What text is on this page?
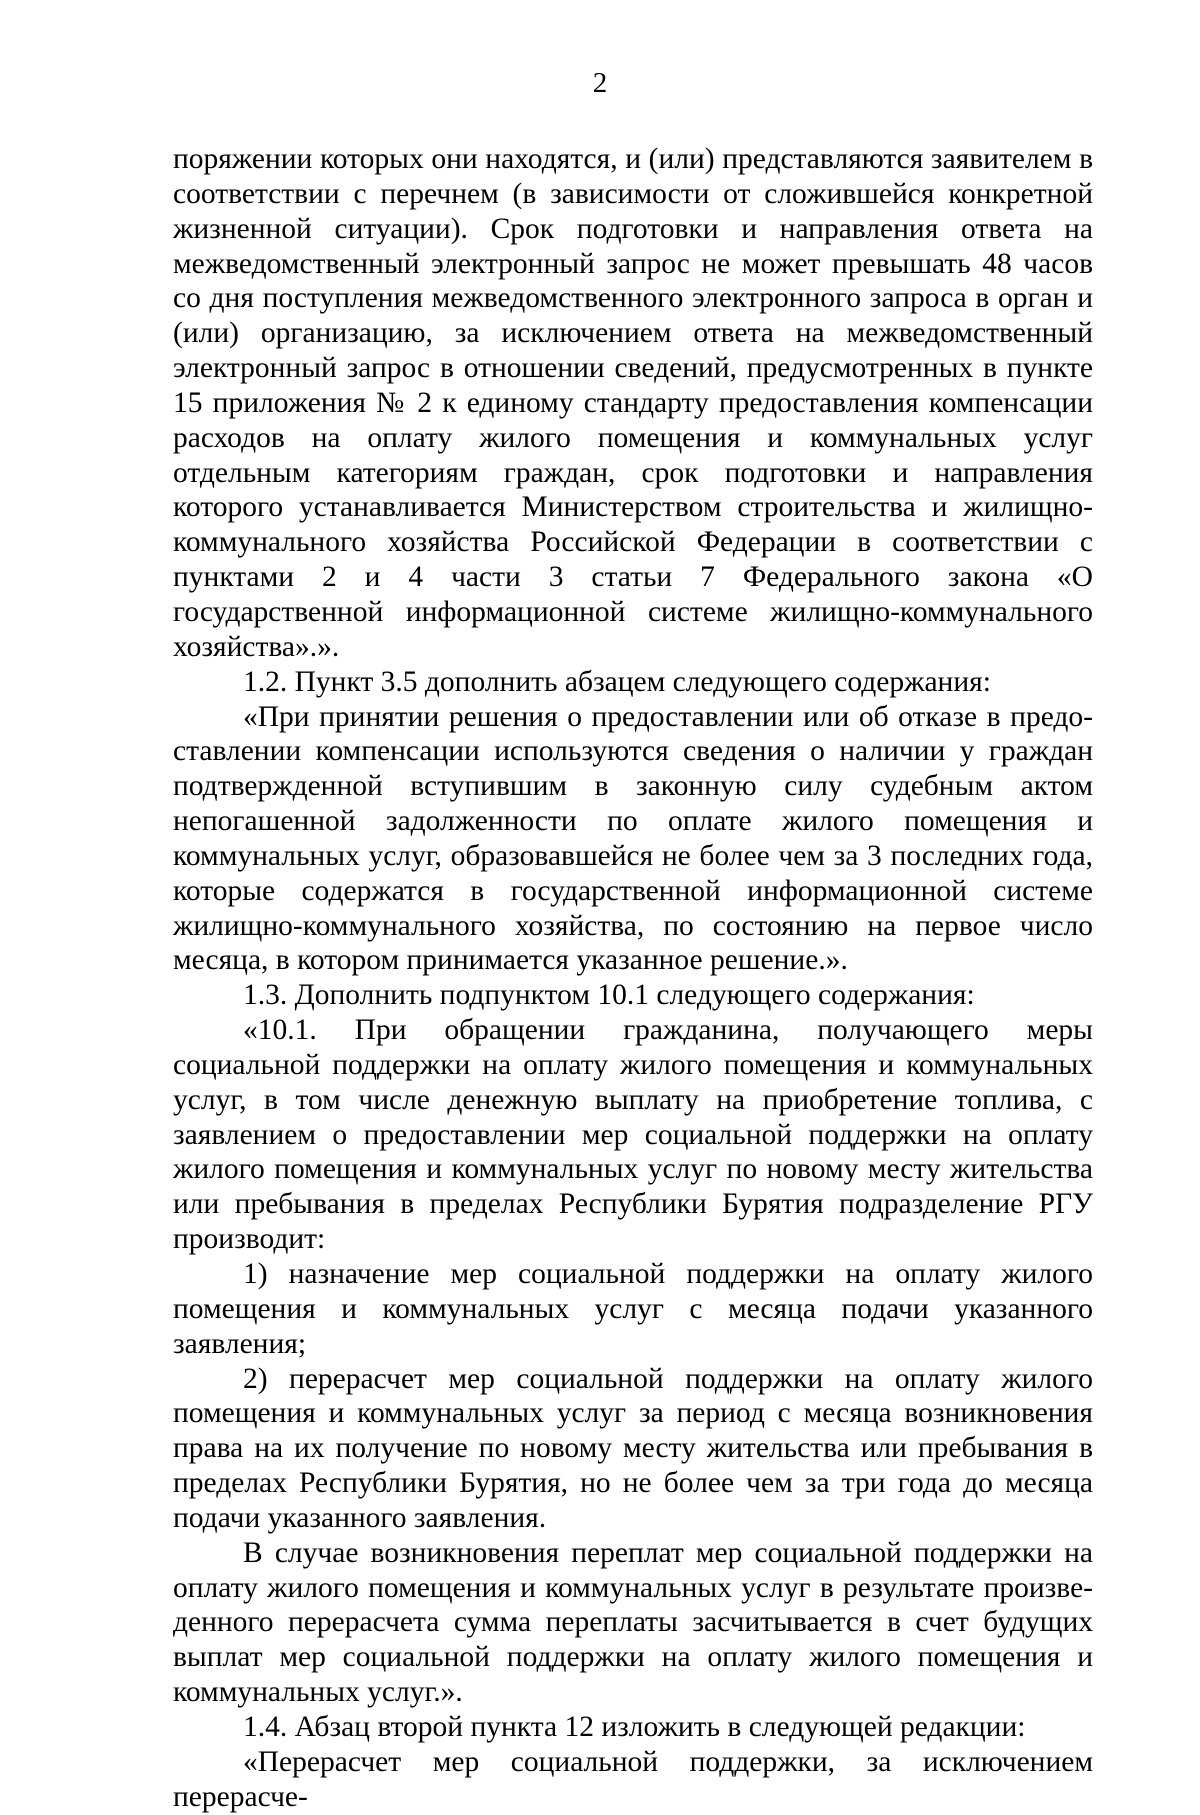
2

поряжении которых они находятся, и (или) представляются заявителем в соответствии с перечнем (в зависимости от сложившейся конкретной жизненной ситуации). Срок подготовки и направления ответа на межведомственный электронный запрос не может превышать 48 часов со дня поступления межведомственного электронного запроса в орган и (или) организацию, за исключением ответа на межведомственный электронный запрос в отношении сведений, предусмотренных в пункте 15 приложения № 2 к единому стандарту предоставления компенсации расходов на оплату жилого помещения и коммунальных услуг отдельным категориям граждан, срок подготовки и направления которого устанавливается Министерством строительства и жилищно-коммунального хозяйства Российской Федерации в соответствии с пунктами 2 и 4 части 3 статьи 7 Федерального закона «О государственной информационной системе жилищно-коммунального хозяйства».».

1.2. Пункт 3.5 дополнить абзацем следующего содержания:

«При принятии решения о предоставлении или об отказе в предоставлении компенсации используются сведения о наличии у граждан подтвержденной вступившим в законную силу судебным актом непогашенной задолженности по оплате жилого помещения и коммунальных услуг, образовавшейся не более чем за 3 последних года, которые содержатся в государственной информационной системе жилищно-коммунального хозяйства, по состоянию на первое число месяца, в котором принимается указанное решение.».

1.3. Дополнить подпунктом 10.1 следующего содержания:

«10.1. При обращении гражданина, получающего меры социальной поддержки на оплату жилого помещения и коммунальных услуг, в том числе денежную выплату на приобретение топлива, с заявлением о предоставлении мер социальной поддержки на оплату жилого помещения и коммунальных услуг по новому месту жительства или пребывания в пределах Республики Бурятия подразделение РГУ производит:

1) назначение мер социальной поддержки на оплату жилого помещения и коммунальных услуг с месяца подачи указанного заявления;

2) перерасчет мер социальной поддержки на оплату жилого помещения и коммунальных услуг за период с месяца возникновения права на их получение по новому месту жительства или пребывания в пределах Республики Бурятия, но не более чем за три года до месяца подачи указанного заявления.

В случае возникновения переплат мер социальной поддержки на оплату жилого помещения и коммунальных услуг в результате произведенного перерасчета сумма переплаты засчитывается в счет будущих выплат мер социальной поддержки на оплату жилого помещения и коммунальных услуг.».

1.4. Абзац второй пункта 12 изложить в следующей редакции:

«Перерасчет мер социальной поддержки, за исключением перерасче-
